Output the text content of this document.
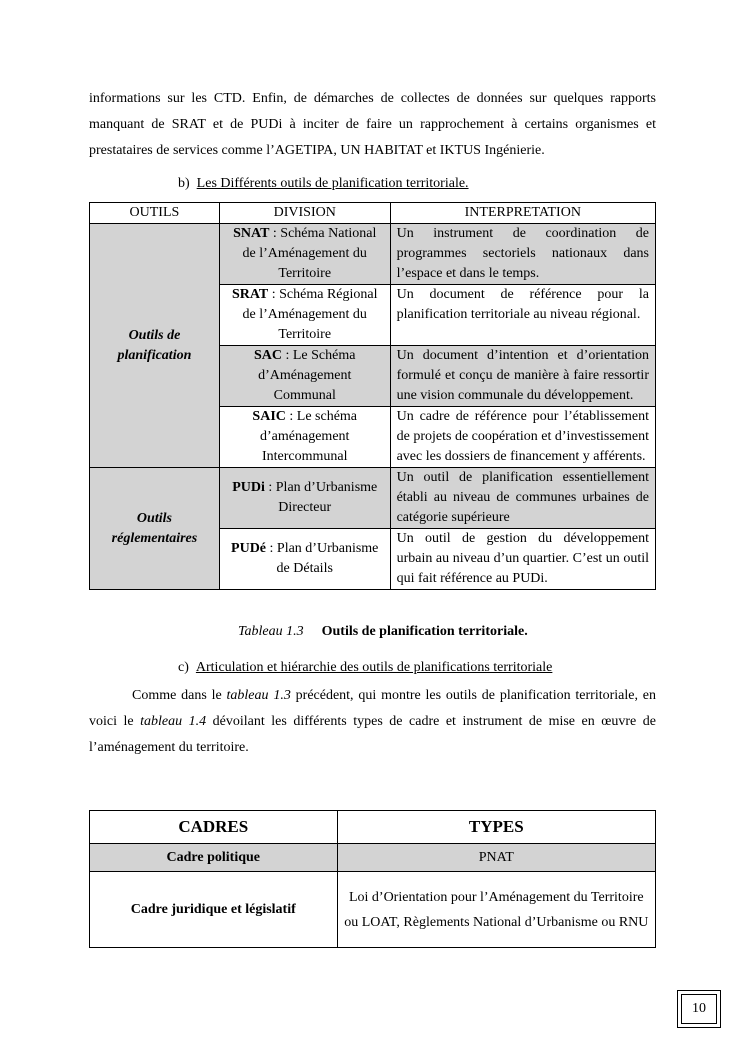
informations sur les CTD. Enfin, de démarches de collectes de données sur quelques rapports manquant de SRAT et de PUDi à inciter de faire un rapprochement à certains organismes et prestataires de services comme l’AGETIPA, UN HABITAT et IKTUS Ingénierie.
b) Les Différents outils de planification territoriale.
OUTILS	DIVISION	INTERPRETATION
Outils de planification	SNAT : Schéma National de l’Aménagement du Territoire	Un instrument de coordination de programmes sectoriels nationaux dans l’espace et dans le temps.
	SRAT : Schéma Régional de l’Aménagement du Territoire	Un document de référence pour la planification territoriale au niveau régional.
	SAC : Le Schéma d’Aménagement Communal	Un document d’intention et d’orientation formulé et conçu de manière à faire ressortir une vision communale du développement.
	SAIC : Le schéma d’aménagement Intercommunal	Un cadre de référence pour l’établissement de projets de coopération et d’investissement avec les dossiers de financement y afférents.
Outils réglementaires	PUDi : Plan d’Urbanisme Directeur	Un outil de planification essentiellement établi au niveau de communes urbaines de catégorie supérieure
	PUDé : Plan d’Urbanisme de Détails	Un outil de gestion du développement urbain au niveau d’un quartier. C’est un outil qui fait référence au PUDi.
Tableau 1.3 Outils de planification territoriale.
c) Articulation et hiérarchie des outils de planifications territoriale
Comme dans le tableau 1.3 précédent, qui montre les outils de planification territoriale, en voici le tableau 1.4 dévoilant les différents types de cadre et instrument de mise en œuvre de l’aménagement du territoire.
CADRES	TYPES
Cadre politique	PNAT
Cadre juridique et législatif	Loi d’Orientation pour l’Aménagement du Territoire ou LOAT, Règlements National d’Urbanisme ou RNU
10
